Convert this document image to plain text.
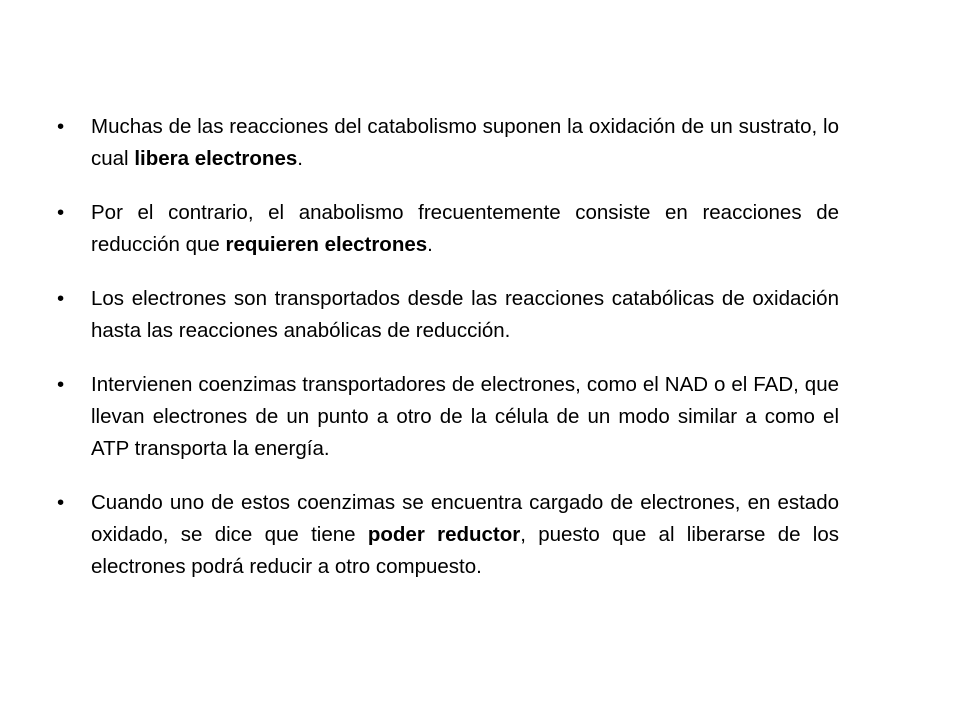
•	Muchas de las reacciones del catabolismo suponen la oxidación de un sustrato, lo cual libera electrones.
•	Por el contrario, el anabolismo frecuentemente consiste en reacciones de reducción que requieren electrones.
•	Los electrones son transportados desde las reacciones catabólicas de oxidación hasta las reacciones anabólicas de reducción.
•	Intervienen coenzimas transportadores de electrones, como el NAD o el FAD, que llevan electrones de un punto a otro de la célula de un modo similar a como el ATP transporta la energía.
•	Cuando uno de estos coenzimas se encuentra cargado de electrones, en estado oxidado, se dice que tiene poder reductor, puesto que al liberarse de los electrones podrá reducir a otro compuesto.
